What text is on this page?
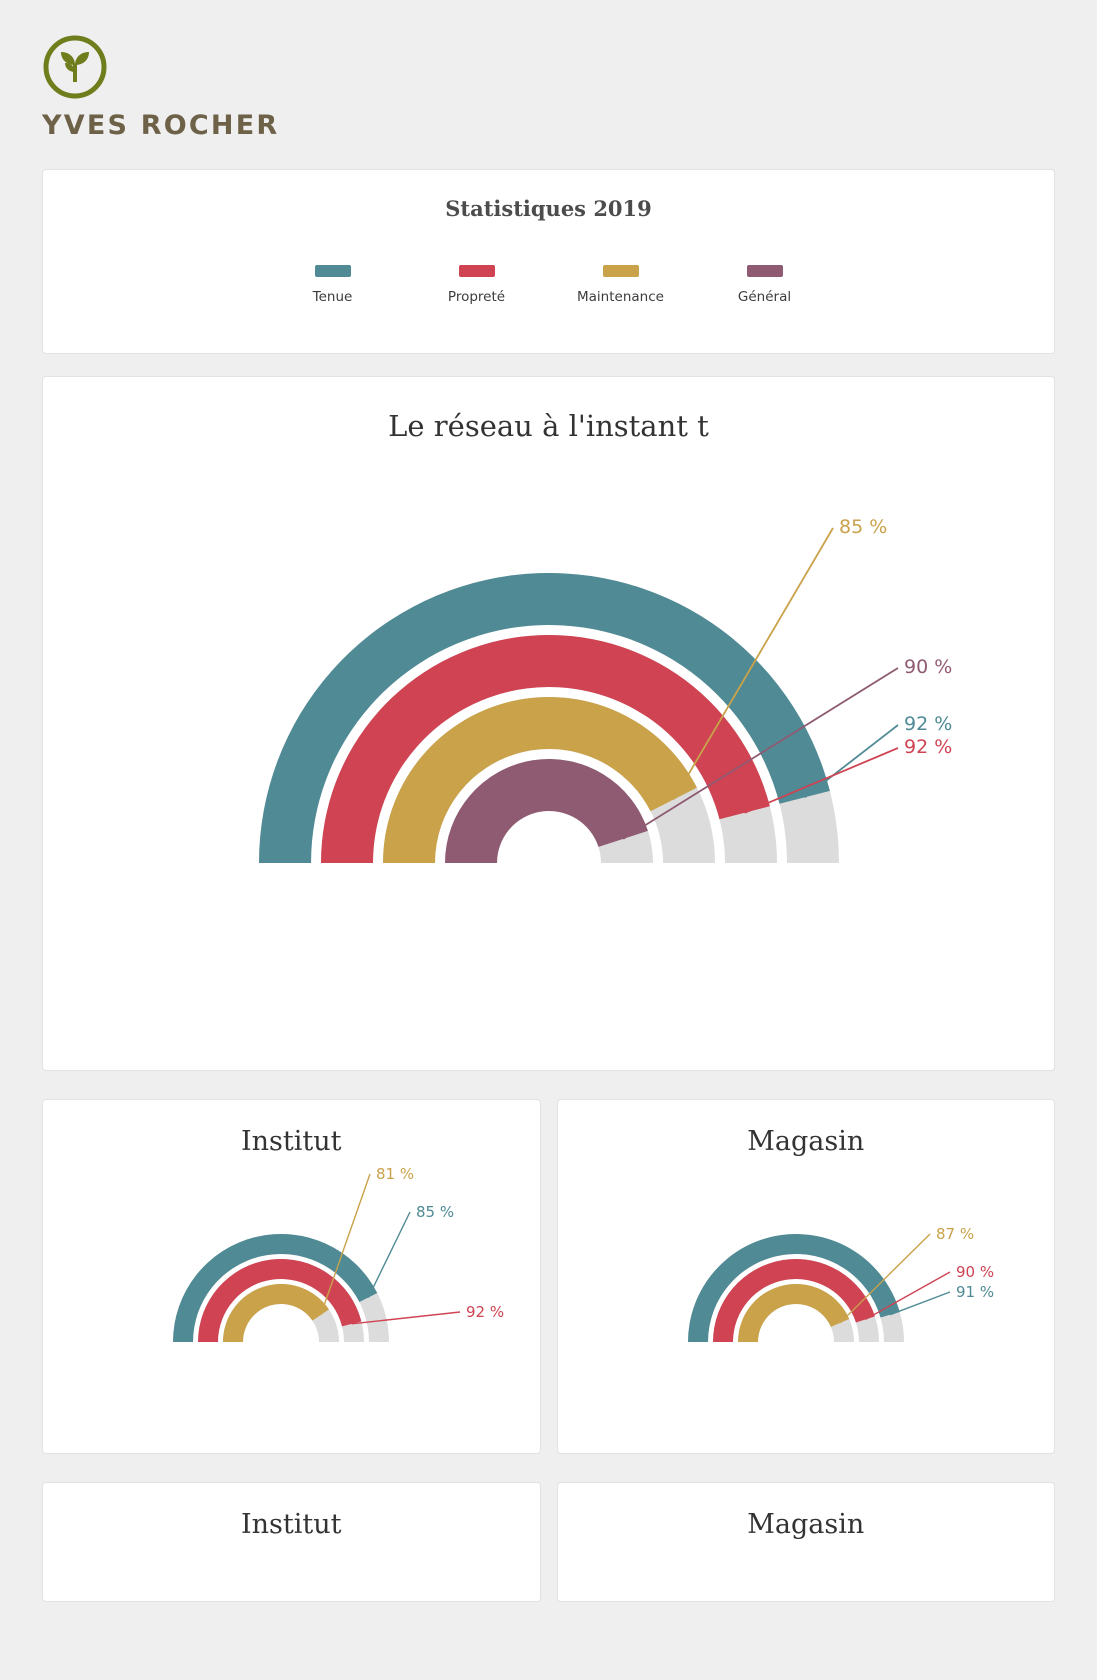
YVES ROCHER
Statistiques 2019
Tenue	Propreté	Maintenance	Général
Le réseau à l'instant t
92 %
92 %
85 %
90 %
Institut
85 %
92 %
81 %
Magasin
91 %
90 %
87 %
Institut	Magasin
